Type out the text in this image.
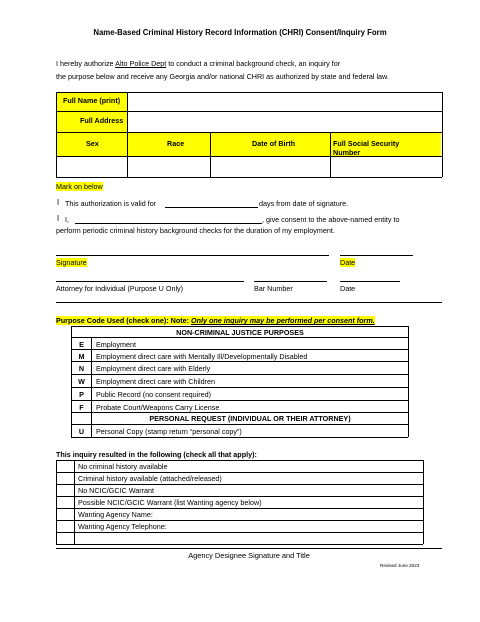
Name-Based Criminal History Record Information (CHRI) Consent/Inquiry Form
I hereby authorize Alto Police Dept to conduct a criminal background check, an inquiry for
the purpose below and receive any Georgia and/or national CHRI as authorized by state and federal law.
Full Name (print)
Full Address
Sex	Race	Date of Birth	Full Social Security
Number
Mark on below
Ϊ This authorization is valid for	days from date of signature.
Ϊ I,	, give consent to the above-named entity to
perform periodic criminal history background checks for the duration of my employment.
Signature	Date
Attorney for Individual (Purpose U Only)	Bar Number	Date
Purpose Code Used (check one): Note: Only one inquiry may be performed per consent form.
NON-CRIMINAL JUSTICE PURPOSES
E	Employment
M	Employment direct care with Mentally Ill/Developmentally Disabled
N	Employment direct care with Elderly
W	Employment direct care with Children
P	Public Record (no consent required)
F	Probate Court/Weapons Carry License
PERSONAL REQUEST (INDIVIDUAL OR THEIR ATTORNEY)
U	Personal Copy (stamp return “personal copy”)
This inquiry resulted in the following (check all that apply):
No criminal history available
Criminal history available (attached/released)
No NCIC/GCIC Warrant
Possible NCIC/GCIC Warrant (list Wanting agency below)
Wanting Agency Name:
Wanting Agency Telephone:
Agency Designee Signature and Title
Revised June 2023
